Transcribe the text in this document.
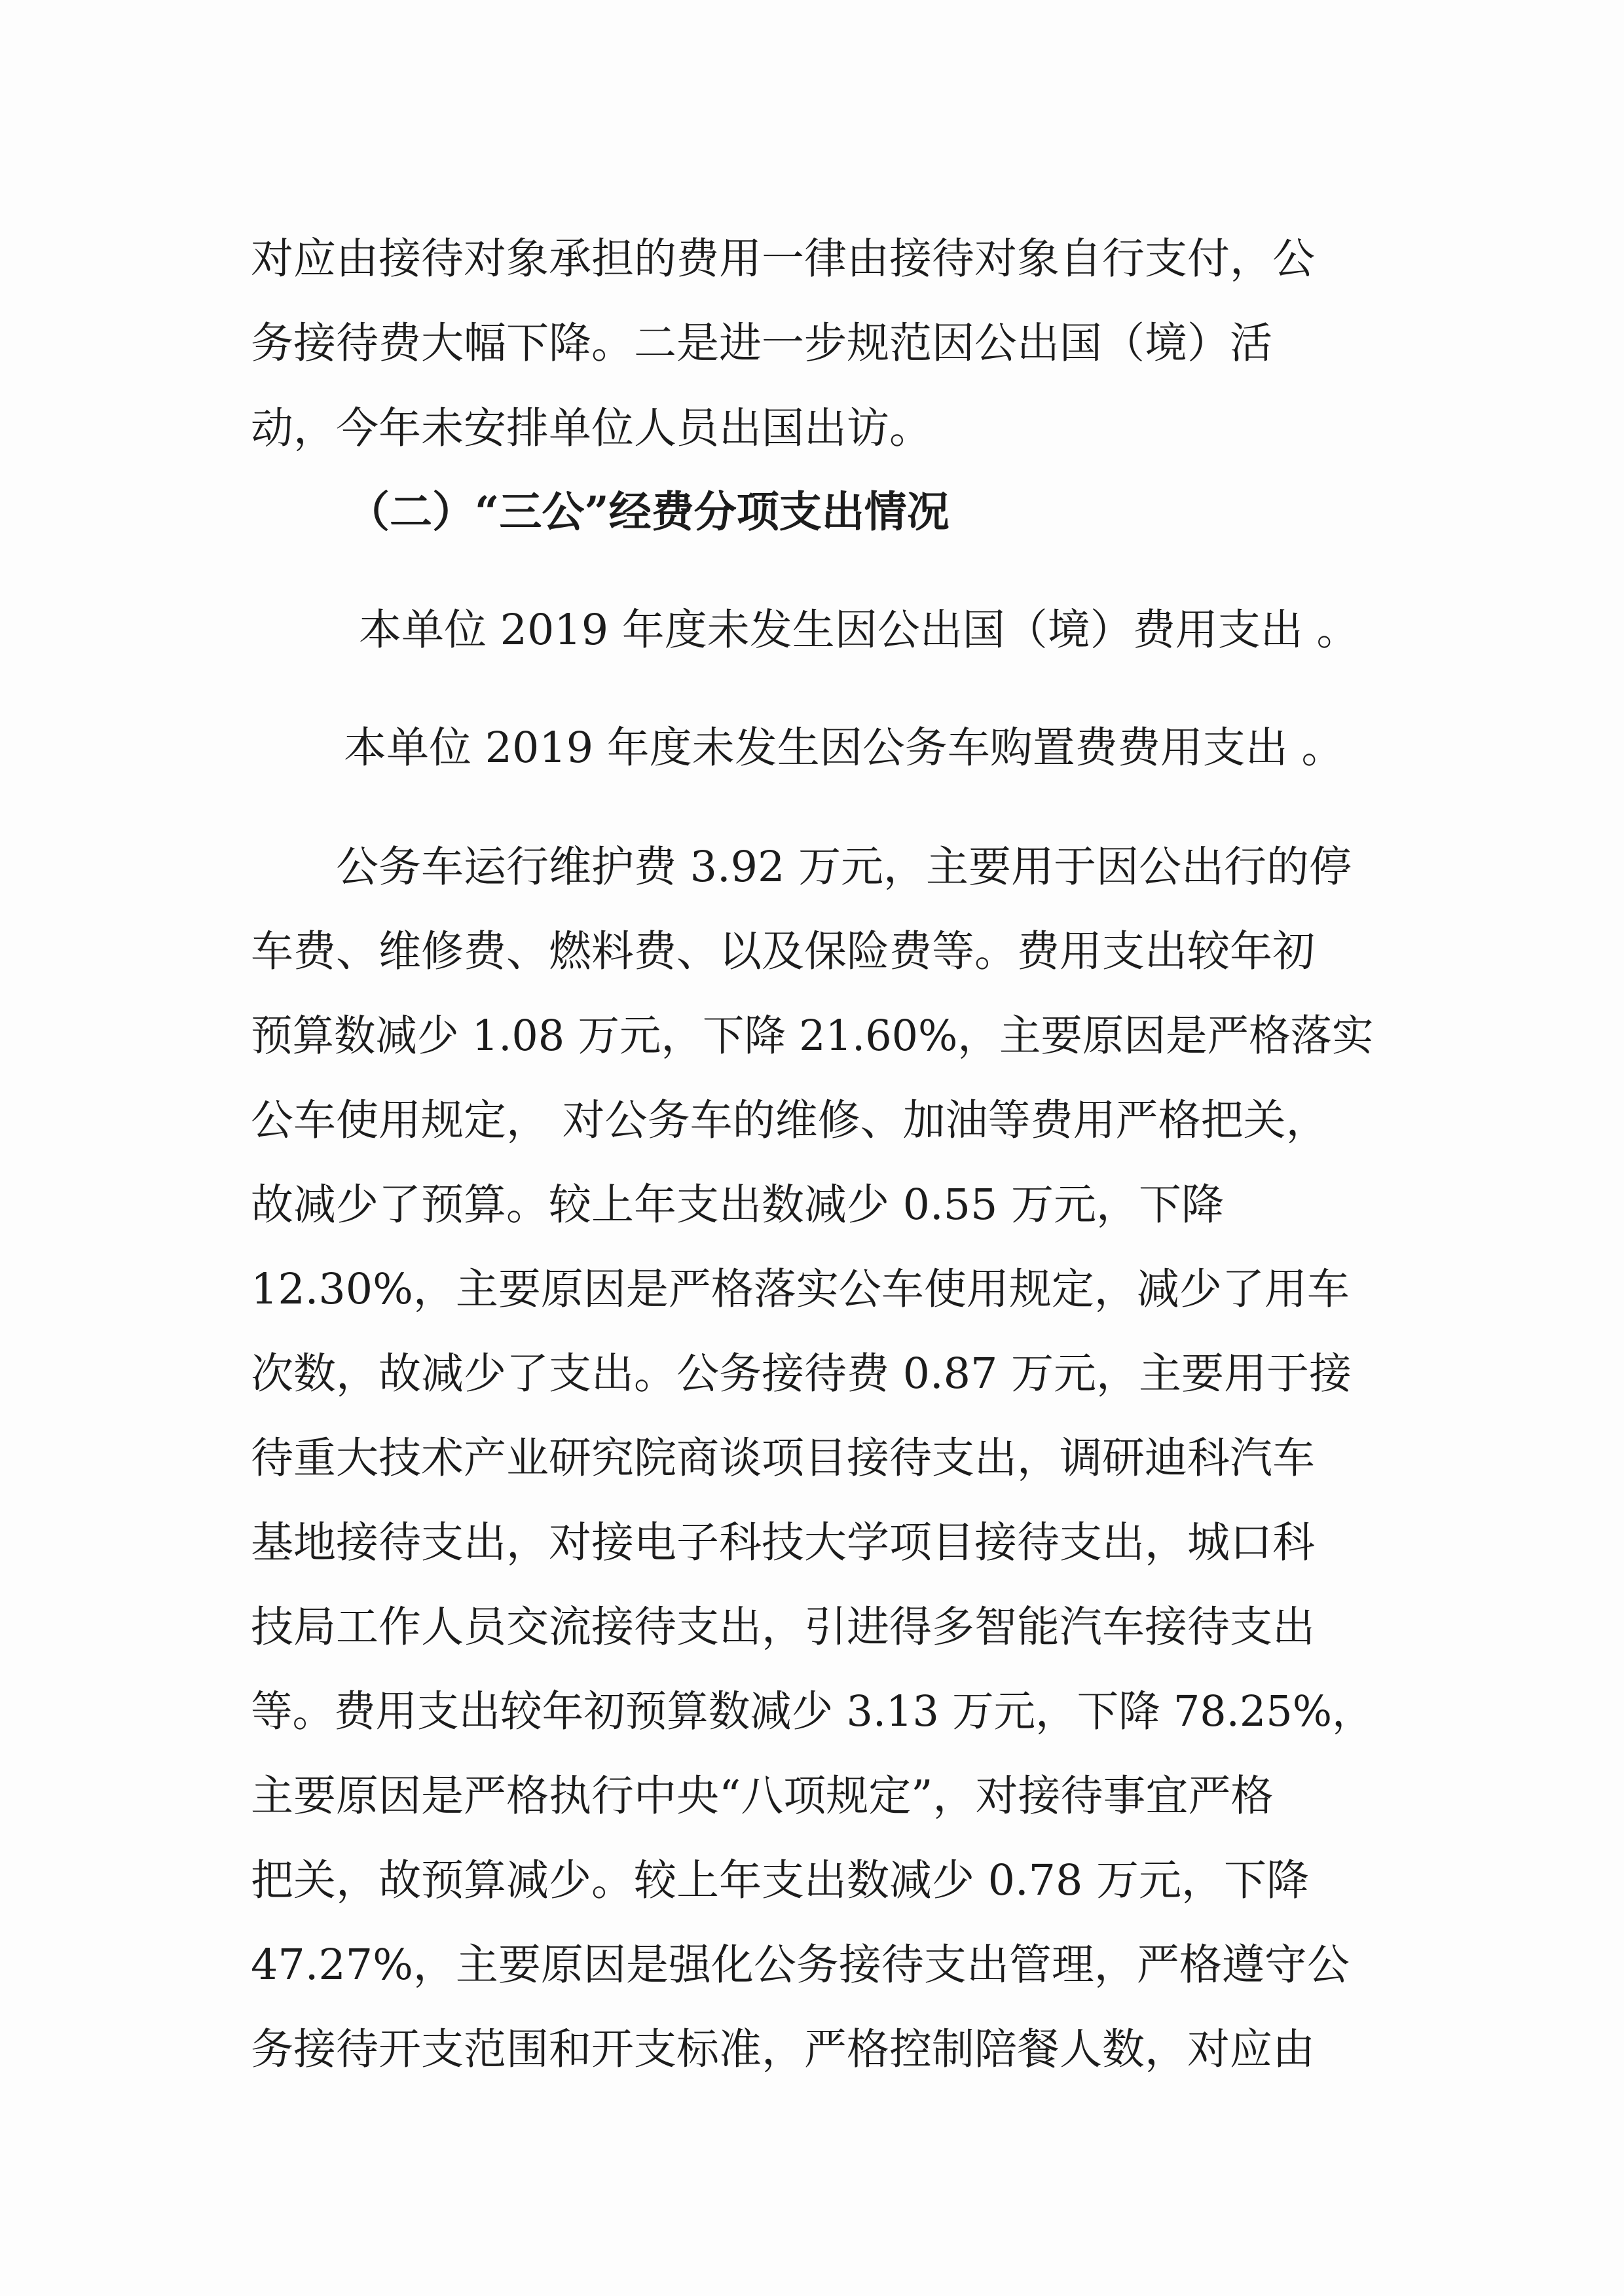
对应由接待对象承担的费用一律由接待对象自行支付，公
务接待费大幅下降。二是进一步规范因公出国（境）活
动，今年未安排单位人员出国出访。
（二）“三公”经费分项支出情况
本单位 2019 年度未发生因公出国（境）费用支出 。
本单位 2019 年度未发生因公务车购置费费用支出 。
公务车运行维护费 3.92 万元，主要用于因公出行的停
车费、维修费、燃料费、以及保险费等。费用支出较年初
预算数减少 1.08 万元，下降 21.60%，主要原因是严格落实
公车使用规定， 对公务车的维修、加油等费用严格把关，
故减少了预算。较上年支出数减少 0.55 万元，下降
12.30%，主要原因是严格落实公车使用规定，减少了用车
次数，故减少了支出。公务接待费 0.87 万元，主要用于接
待重大技术产业研究院商谈项目接待支出，调研迪科汽车
基地接待支出，对接电子科技大学项目接待支出，城口科
技局工作人员交流接待支出，引进得多智能汽车接待支出
等。费用支出较年初预算数减少 3.13 万元，下降 78.25%，
主要原因是严格执行中央“八项规定”，对接待事宜严格
把关，故预算减少。较上年支出数减少 0.78 万元，下降
47.27%，主要原因是强化公务接待支出管理，严格遵守公
务接待开支范围和开支标准，严格控制陪餐人数，对应由
